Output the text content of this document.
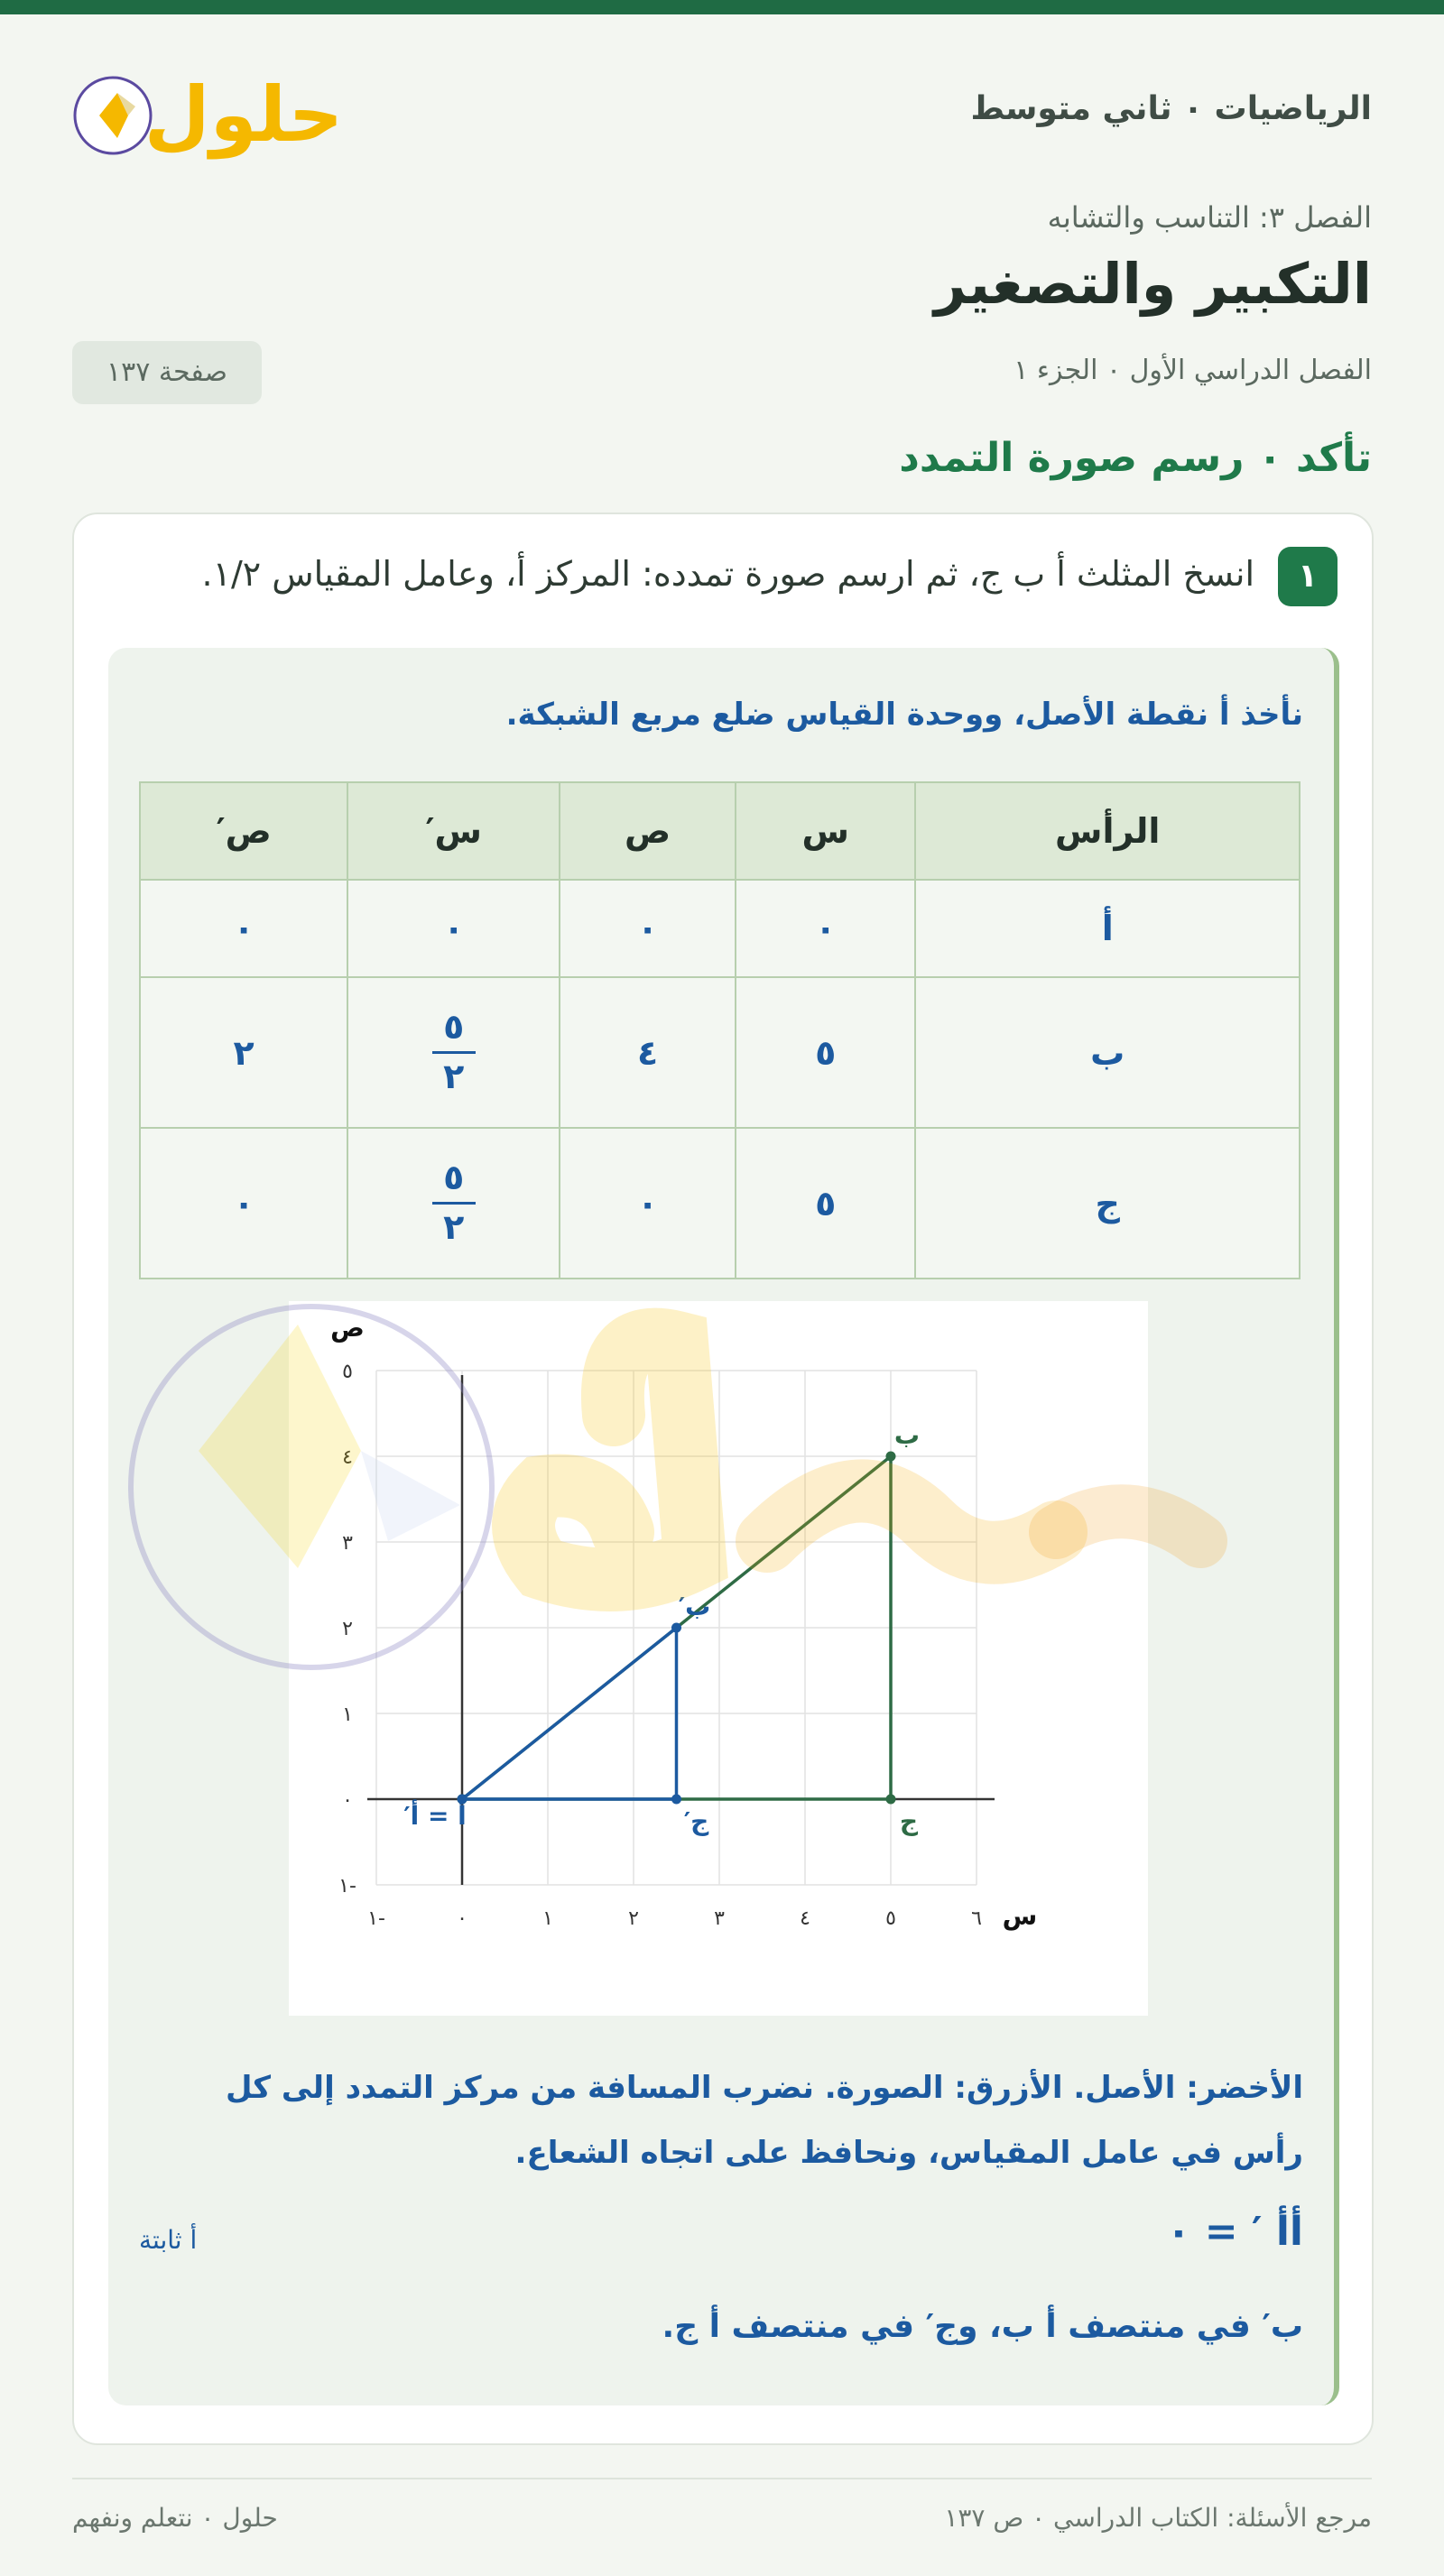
حلول	الرياضيات ٠ ثاني متوسط
الفصل ٣: التناسب والتشابه
التكبير والتصغير
الفصل الدراسي الأول ٠ الجزء ١
صفحة ١٣٧
تأكد ٠ رسم صورة التمدد
١
انسخ المثلث أ ب ج، ثم ارسم صورة تمدده: المركز أ، وعامل المقياس ١/٢.
نأخذ أ نقطة الأصل، ووحدة القياس ضلع مربع الشبكة.
الرأس	س	ص	س′	ص′
أ	٠	٠	٠	٠
ب	٥	٤	$\frac{٥}{٢}$	٢
ج	٥	٠	$\frac{٥}{٢}$	٠
١-	٠	١	٢	٣	٤	٥	٦
١-
٠
١
٢
٣
٤
٥
س
ص
أ = أ′
ب
ج
ب′
ج′
الأخضر: الأصل. الأزرق: الصورة. نضرب المسافة من مركز التمدد إلى كل رأس في عامل المقياس، ونحافظ على اتجاه الشعاع.
أأ ′ = ٠
أ ثابتة
ب′ في منتصف أ ب، وج′ في منتصف أ ج.
مرجع الأسئلة: الكتاب الدراسي ٠ ص ١٣٧
حلول ٠ نتعلم ونفهم
